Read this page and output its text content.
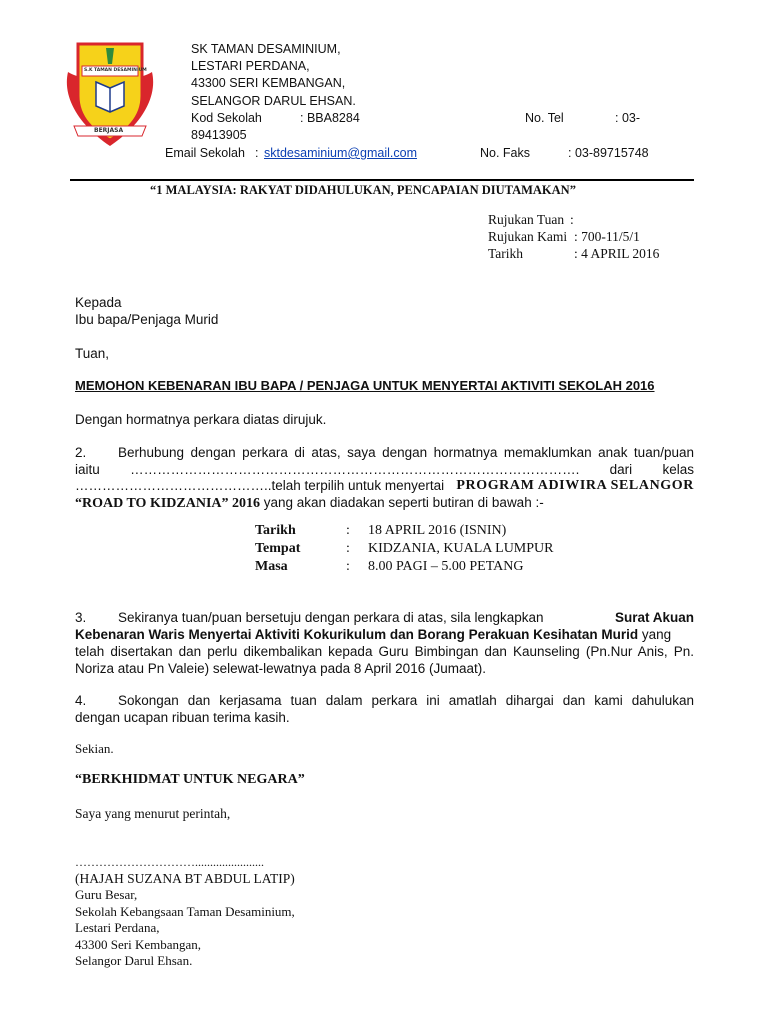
S.K TAMAN DESAMINIUM
BERJASA
SK TAMAN DESAMINIUM,
LESTARI PERDANA,
43300 SERI KEMBANGAN,
SELANGOR DARUL EHSAN.
Kod Sekolah	: BBA8284	No. Tel	: 03-
89413905
Email Sekolah : sktdesaminium@gmail.com	No. Faks	: 03-89715748
“1 MALAYSIA: RAKYAT DIDAHULUKAN, PENCAPAIAN DIUTAMAKAN”
Rujukan Tuan :
Rujukan Kami : 700-11/5/1
Tarikh	: 4 APRIL 2016
Kepada
Ibu bapa/Penjaga Murid
Tuan,
MEMOHON KEBENARAN IBU BAPA / PENJAGA UNTUK MENYERTAI AKTIVITI SEKOLAH 2016
Dengan hormatnya perkara diatas dirujuk.
2. Berhubung dengan perkara di atas, saya dengan hormatnya memaklumkan anak tuan/puan
iaitu ………………………………………………………………………………………. dari kelas
……………………………………..telah terpilih untuk menyertai PROGRAM ADIWIRA SELANGOR
“ROAD TO KIDZANIA” 2016 yang akan diadakan seperti butiran di bawah :-
Tarikh	: 18 APRIL 2016 (ISNIN)
Tempat	: KIDZANIA, KUALA LUMPUR
Masa	: 8.00 PAGI – 5.00 PETANG
3. Sekiranya tuan/puan bersetuju dengan perkara di atas, sila lengkapkan	Surat Akuan
Kebenaran Waris Menyertai Aktiviti Kokurikulum dan Borang Perakuan Kesihatan Murid yang
telah disertakan dan perlu dikembalikan kepada Guru Bimbingan dan Kaunseling (Pn.Nur Anis, Pn.
Noriza atau Pn Valeie) selewat-lewatnya pada 8 April 2016 (Jumaat).
4. Sokongan dan kerjasama tuan dalam perkara ini amatlah dihargai dan kami dahulukan
dengan ucapan ribuan terima kasih.
Sekian.
“BERKHIDMAT UNTUK NEGARA”
Saya yang menurut perintah,
………………………….......................
(HAJAH SUZANA BT ABDUL LATIP)
Guru Besar,
Sekolah Kebangsaan Taman Desaminium,
Lestari Perdana,
43300 Seri Kembangan,
Selangor Darul Ehsan.
